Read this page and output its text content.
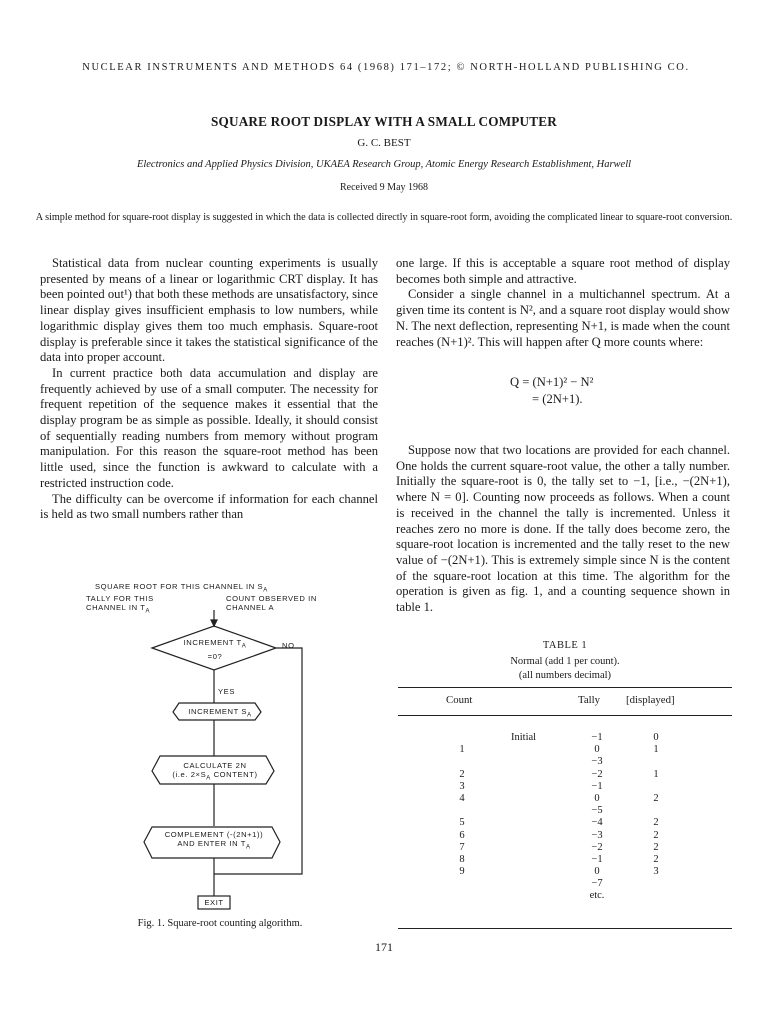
NUCLEAR INSTRUMENTS AND METHODS 64 (1968) 171–172; © NORTH-HOLLAND PUBLISHING CO.
SQUARE ROOT DISPLAY WITH A SMALL COMPUTER
G. C. BEST
Electronics and Applied Physics Division, UKAEA Research Group, Atomic Energy Research Establishment, Harwell
Received 9 May 1968
A simple method for square-root display is suggested in which the data is collected directly in square-root form, avoiding the complicated linear to square-root conversion.

Statistical data from nuclear counting experiments is usually presented by means of a linear or logarithmic CRT display. It has been pointed out¹) that both these methods are unsatisfactory, since linear display gives insufficient emphasis to low numbers, while logarithmic display gives them too much emphasis. Square-root display is preferable since it takes the statistical significance of the data into proper account.

In current practice both data accumulation and display are frequently achieved by use of a small computer. The necessity for frequent repetition of the sequence makes it essential that the display program be as simple as possible. Ideally, it should consist of sequentially reading numbers from memory without program manipulation. For this reason the square-root method has been little used, since the function is awkward to calculate with a restricted instruction code.

The difficulty can be overcome if information for each channel is held as two small numbers rather than

one large. If this is acceptable a square root method of display becomes both simple and attractive.

Consider a single channel in a multichannel spectrum. At a given time its content is N², and a square root display would show N. The next deflection, representing N+1, is made when the count reaches (N+1)². This will happen after Q more counts where:

Q = (N+1)² − N²
= (2N+1).

Suppose now that two locations are provided for each channel. One holds the current square-root value, the other a tally number. Initially the square-root is 0, the tally set to −1, [i.e., −(2N+1), where N = 0]. Counting now proceeds as follows. When a count is received in the channel the tally is incremented. Unless it reaches zero no more is done. If the tally does become zero, the square-root location is incremented and the tally reset to the new value of −(2N+1). This is extremely simple since N is the content of the square-root location at this time. The algorithm for the operation is given as fig. 1, and a counting sequence shown in table 1.

SQUARE ROOT FOR THIS CHANNEL IN $S_A$
TALLY FOR THIS
CHANNEL IN $T_A$
COUNT OBSERVED IN
CHANNEL A
INCREMENT $T_A$
=0?
NO
YES
INCREMENT $S_A$
CALCULATE 2N
(i.e. $2\times S_A$ CONTENT)
COMPLEMENT (-(2N+1))
AND ENTER IN $T_A$
EXIT
Fig. 1. Square-root counting algorithm.
TABLE 1
Normal (add 1 per count).
(all numbers decimal)
Count	Tally [displayed]
Initial
1
2
3
4
5
6
7
8
9
−1
0
−3
−2
−1
0
−5
−4
−3
−2
−1
0
−7
etc.
0
1
1
2
2
2
2
2
3
171
